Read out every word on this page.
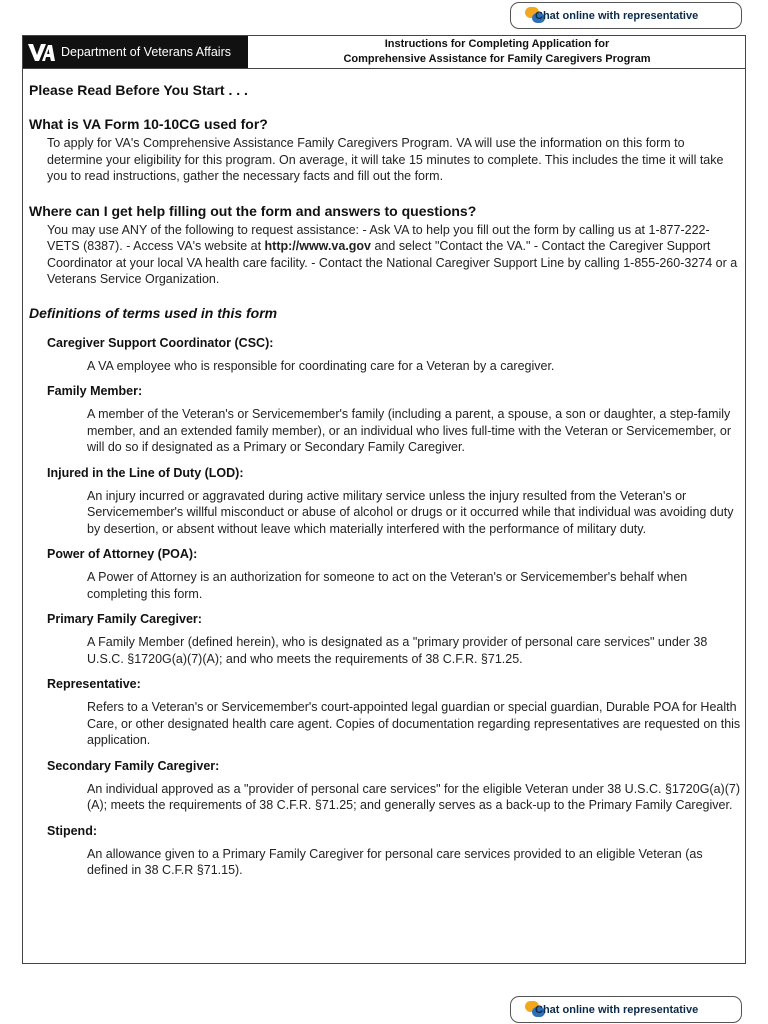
Chat online with representative
Department of Veterans Affairs
Instructions for Completing Application for
Comprehensive Assistance for Family Caregivers Program
Please Read Before You Start . . .
What is VA Form 10-10CG used for?
To apply for VA's Comprehensive Assistance Family Caregivers Program. VA will use the information on this form to determine your eligibility for this program. On average, it will take 15 minutes to complete. This includes the time it will take you to read instructions, gather the necessary facts and fill out the form.
Where can I get help filling out the form and answers to questions?
You may use ANY of the following to request assistance: - Ask VA to help you fill out the form by calling us at 1-877-222-VETS (8387). - Access VA's website at http://www.va.gov and select "Contact the VA." - Contact the Caregiver Support Coordinator at your local VA health care facility. - Contact the National Caregiver Support Line by calling 1-855-260-3274 or a Veterans Service Organization.
Definitions of terms used in this form
Caregiver Support Coordinator (CSC):
A VA employee who is responsible for coordinating care for a Veteran by a caregiver.
Family Member:
A member of the Veteran's or Servicemember's family (including a parent, a spouse, a son or daughter, a step-family member, and an extended family member), or an individual who lives full-time with the Veteran or Servicemember, or will do so if designated as a Primary or Secondary Family Caregiver.
Injured in the Line of Duty (LOD):
An injury incurred or aggravated during active military service unless the injury resulted from the Veteran's or Servicemember's willful misconduct or abuse of alcohol or drugs or it occurred while that individual was avoiding duty by desertion, or absent without leave which materially interfered with the performance of military duty.
Power of Attorney (POA):
A Power of Attorney is an authorization for someone to act on the Veteran's or Servicemember's behalf when completing this form.
Primary Family Caregiver:
A Family Member (defined herein), who is designated as a "primary provider of personal care services" under 38 U.S.C. §1720G(a)(7)(A); and who meets the requirements of 38 C.F.R. §71.25.
Representative:
Refers to a Veteran's or Servicemember's court-appointed legal guardian or special guardian, Durable POA for Health Care, or other designated health care agent. Copies of documentation regarding representatives are requested on this application.
Secondary Family Caregiver:
An individual approved as a "provider of personal care services" for the eligible Veteran under 38 U.S.C. §1720G(a)(7)(A); meets the requirements of 38 C.F.R. §71.25; and generally serves as a back-up to the Primary Family Caregiver.
Stipend:
An allowance given to a Primary Family Caregiver for personal care services provided to an eligible Veteran (as defined in 38 C.F.R §71.15).
Chat online with representative
